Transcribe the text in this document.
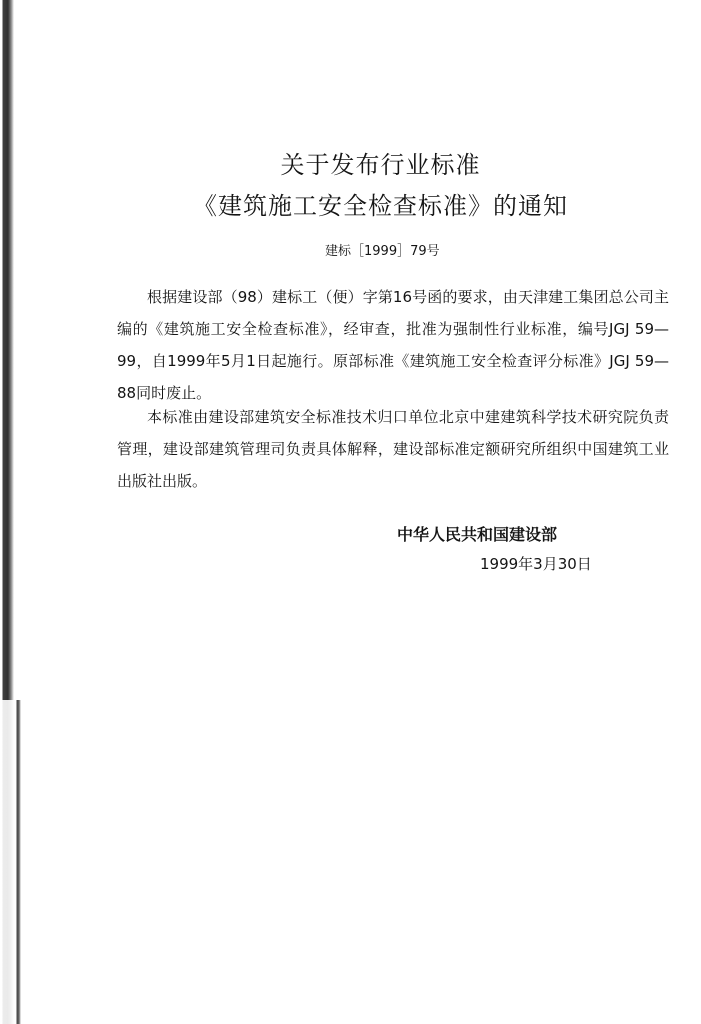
关于发布行业标准
《建筑施工安全检查标准》的通知
建标［1999］79号

根据建设部（98）建标工（便）字第16号函的要求，由天津建工集团总公司主编的《建筑施工安全检查标准》，经审查，批准为强制性行业标准，编号JGJ 59—99，自1999年5月1日起施行。原部标准《建筑施工安全检查评分标准》JGJ 59—88同时废止。

本标准由建设部建筑安全标准技术归口单位北京中建建筑科学技术研究院负责管理，建设部建筑管理司负责具体解释，建设部标准定额研究所组织中国建筑工业出版社出版。

中华人民共和国建设部
1999年3月30日
